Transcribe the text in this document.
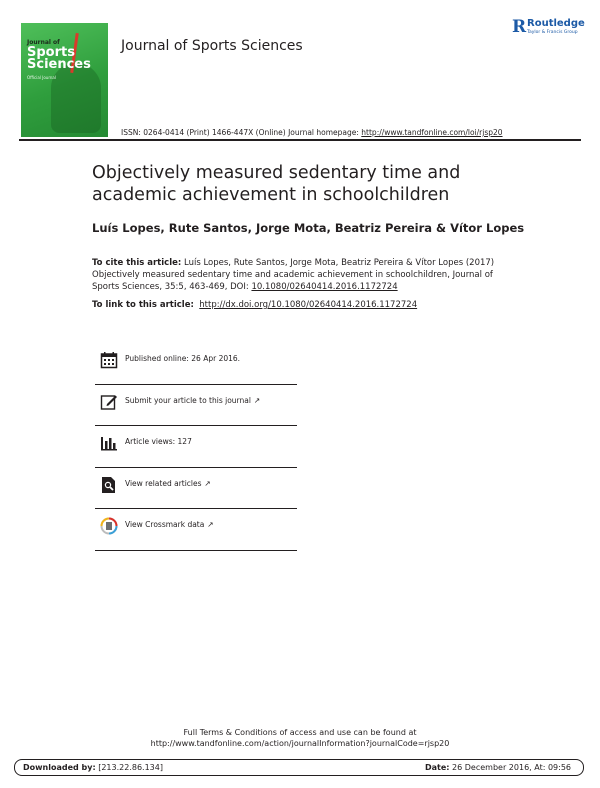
Journal of
Sports
Sciences
Official Journal
Journal of Sports Sciences
R Routledge
Taylor & Francis Group
ISSN: 0264-0414 (Print) 1466-447X (Online) Journal homepage: http://www.tandfonline.com/loi/rjsp20
Objectively measured sedentary time and academic achievement in schoolchildren
Luís Lopes, Rute Santos, Jorge Mota, Beatriz Pereira & Vítor Lopes
To cite this article: Luís Lopes, Rute Santos, Jorge Mota, Beatriz Pereira & Vítor Lopes (2017) Objectively measured sedentary time and academic achievement in schoolchildren, Journal of Sports Sciences, 35:5, 463-469, DOI: 10.1080/02640414.2016.1172724
To link to this article: http://dx.doi.org/10.1080/02640414.2016.1172724
Published online: 26 Apr 2016.
Submit your article to this journal ↗
Article views: 127
View related articles ↗
View Crossmark data ↗
Full Terms & Conditions of access and use can be found at
http://www.tandfonline.com/action/journalInformation?journalCode=rjsp20
Downloaded by: [213.22.86.134]	Date: 26 December 2016, At: 09:56
